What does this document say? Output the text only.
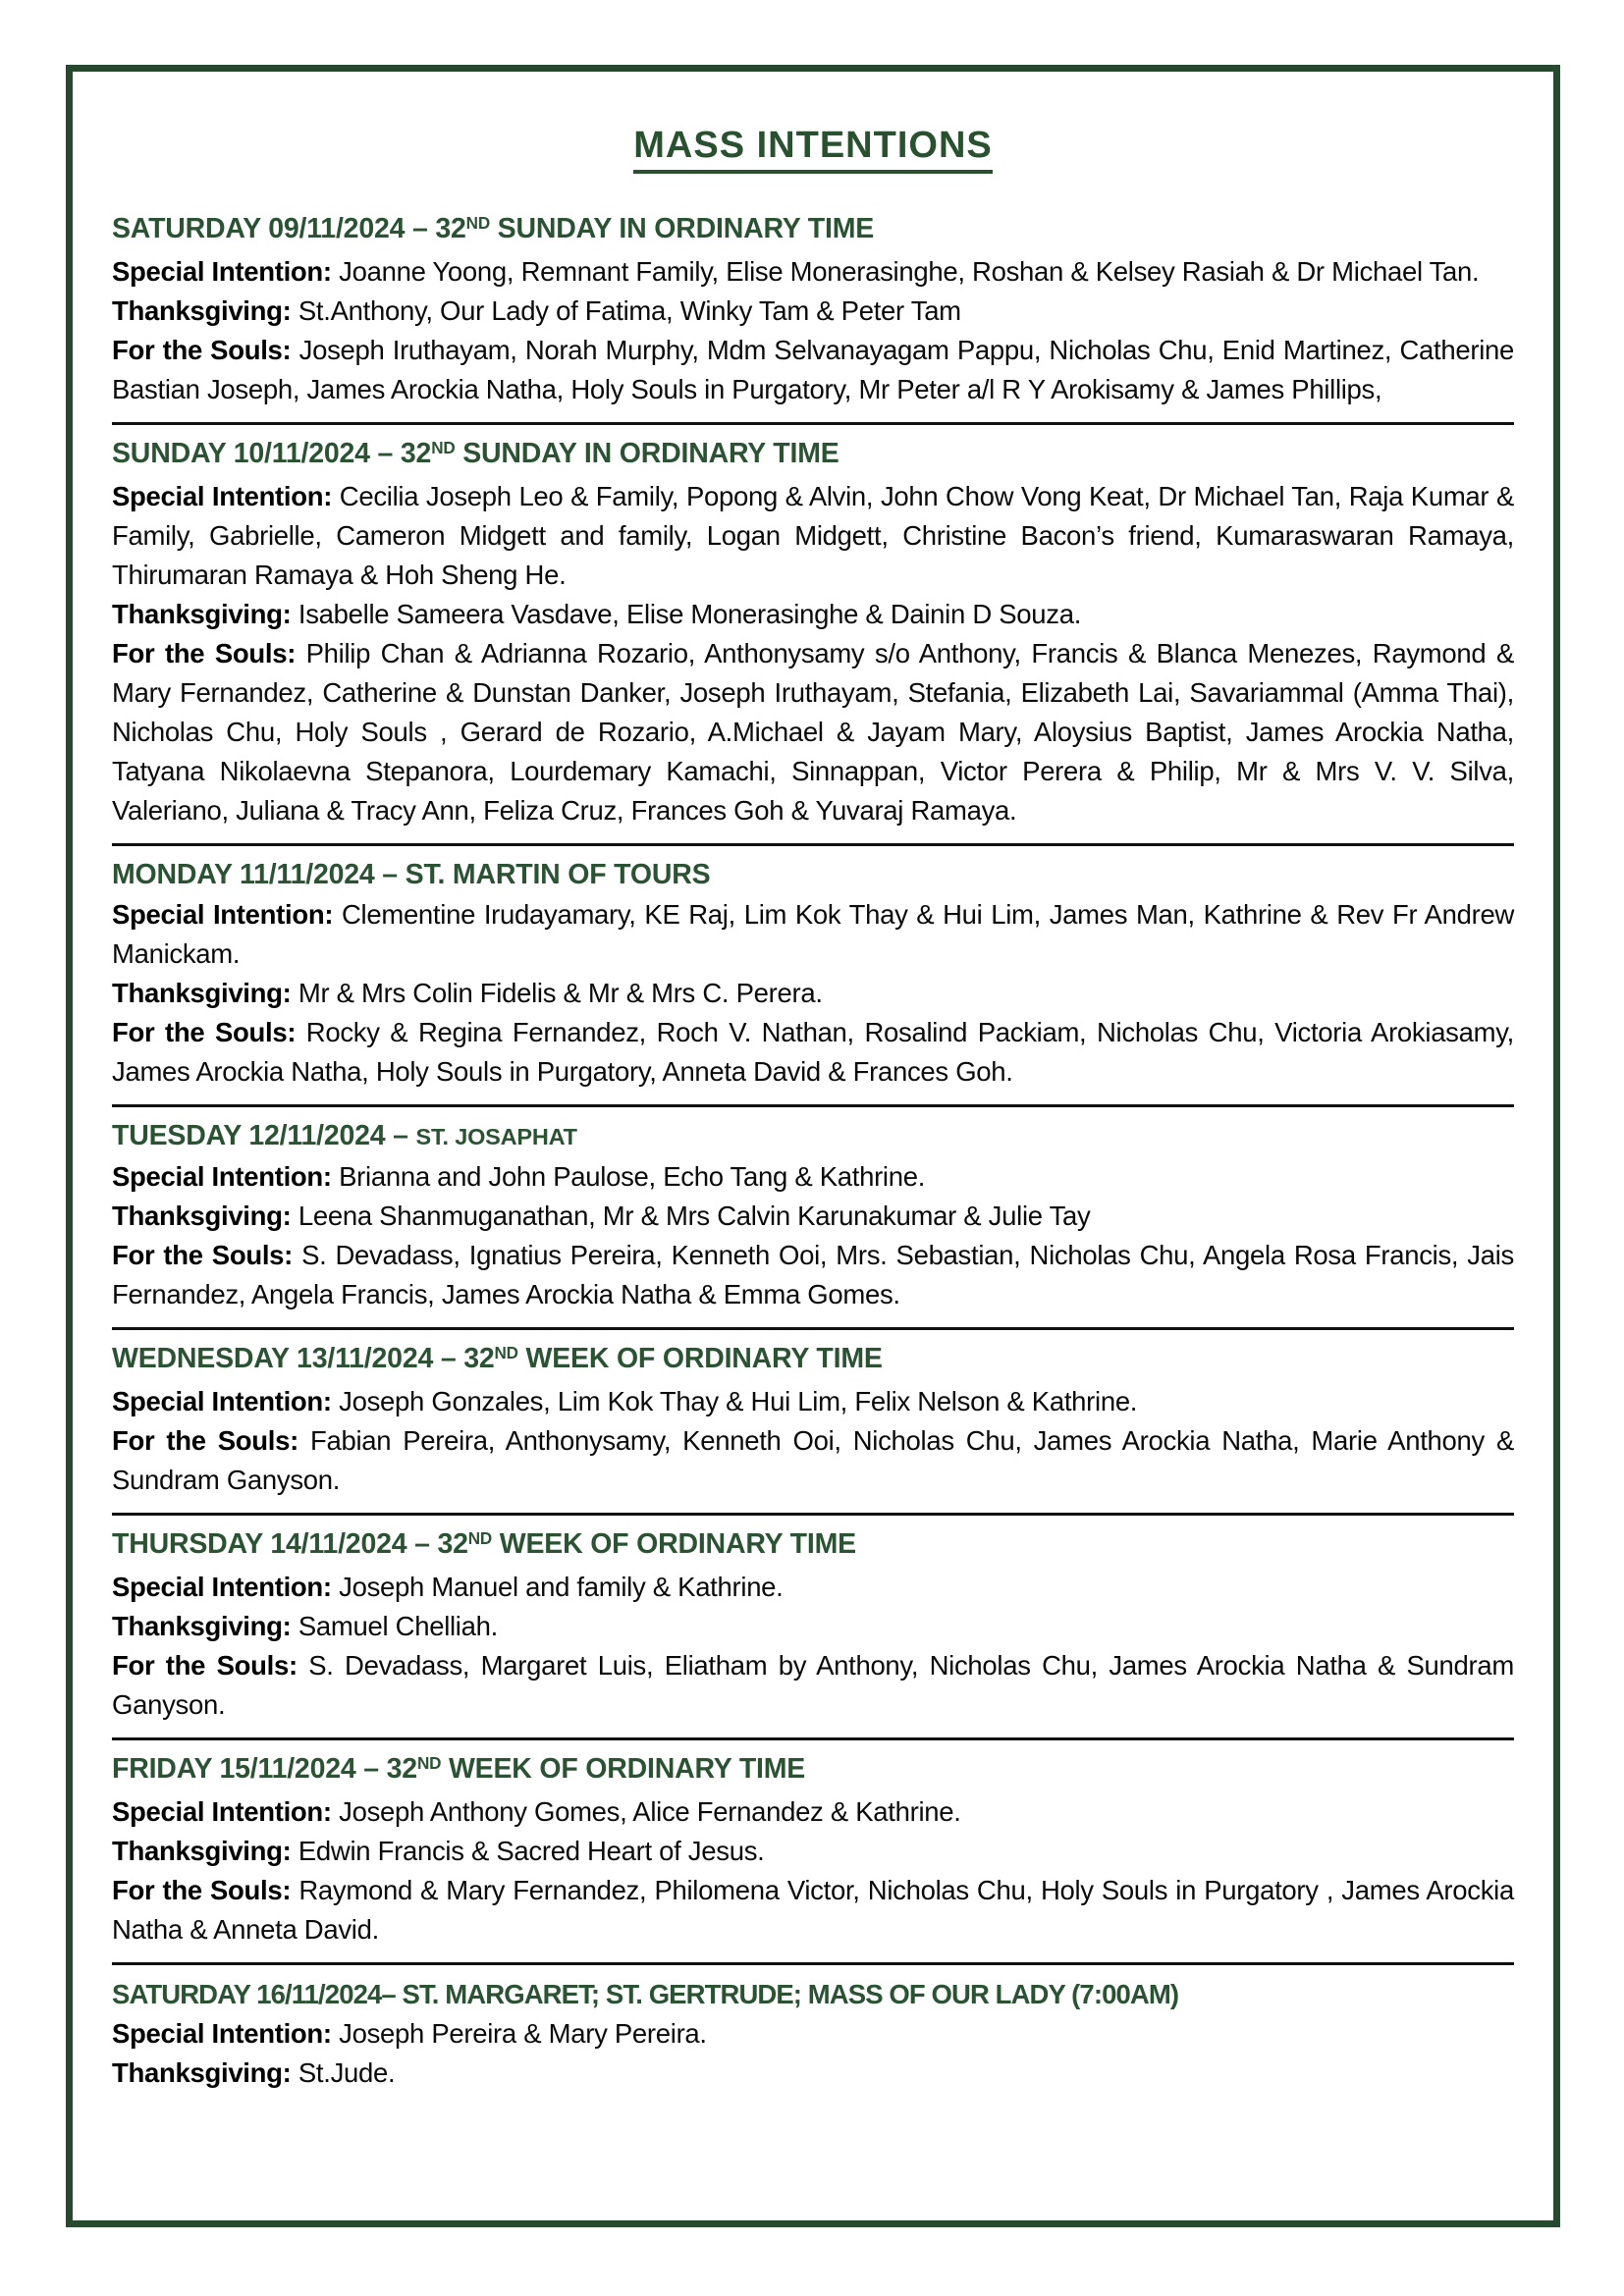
MASS INTENTIONS
SATURDAY 09/11/2024 – 32ND SUNDAY IN ORDINARY TIME

Special Intention: Joanne Yoong, Remnant Family, Elise Monerasinghe, Roshan & Kelsey Rasiah & Dr Michael Tan.

Thanksgiving: St.Anthony, Our Lady of Fatima, Winky Tam & Peter Tam

For the Souls: Joseph Iruthayam, Norah Murphy, Mdm Selvanayagam Pappu, Nicholas Chu, Enid Martinez, Catherine Bastian Joseph, James Arockia Natha, Holy Souls in Purgatory, Mr Peter a/l R Y Arokisamy & James Phillips,

SUNDAY 10/11/2024 – 32ND SUNDAY IN ORDINARY TIME

Special Intention: Cecilia Joseph Leo & Family, Popong & Alvin, John Chow Vong Keat, Dr Michael Tan, Raja Kumar & Family, Gabrielle, Cameron Midgett and family, Logan Midgett, Christine Bacon’s friend, Kumaraswaran Ramaya, Thirumaran Ramaya & Hoh Sheng He.

Thanksgiving: Isabelle Sameera Vasdave, Elise Monerasinghe & Dainin D Souza.

For the Souls: Philip Chan & Adrianna Rozario, Anthonysamy s/o Anthony, Francis & Blanca Menezes, Raymond & Mary Fernandez, Catherine & Dunstan Danker, Joseph Iruthayam, Stefania, Elizabeth Lai, Savariammal (Amma Thai), Nicholas Chu, Holy Souls , Gerard de Rozario, A.Michael & Jayam Mary, Aloysius Baptist, James Arockia Natha, Tatyana Nikolaevna Stepanora, Lourdemary Kamachi, Sinnappan, Victor Perera & Philip, Mr & Mrs V. V. Silva, Valeriano, Juliana & Tracy Ann, Feliza Cruz, Frances Goh & Yuvaraj Ramaya.

MONDAY 11/11/2024 – ST. MARTIN OF TOURS

Special Intention: Clementine Irudayamary, KE Raj, Lim Kok Thay & Hui Lim, James Man, Kathrine & Rev Fr Andrew Manickam.

Thanksgiving: Mr & Mrs Colin Fidelis & Mr & Mrs C. Perera.

For the Souls: Rocky & Regina Fernandez, Roch V. Nathan, Rosalind Packiam, Nicholas Chu, Victoria Arokiasamy, James Arockia Natha, Holy Souls in Purgatory, Anneta David & Frances Goh.

TUESDAY 12/11/2024 – ST. JOSAPHAT

Special Intention: Brianna and John Paulose, Echo Tang & Kathrine.

Thanksgiving: Leena Shanmuganathan, Mr & Mrs Calvin Karunakumar & Julie Tay

For the Souls: S. Devadass, Ignatius Pereira, Kenneth Ooi, Mrs. Sebastian, Nicholas Chu, Angela Rosa Francis, Jais Fernandez, Angela Francis, James Arockia Natha & Emma Gomes.

WEDNESDAY 13/11/2024 – 32ND WEEK OF ORDINARY TIME

Special Intention: Joseph Gonzales, Lim Kok Thay & Hui Lim, Felix Nelson & Kathrine.

For the Souls: Fabian Pereira, Anthonysamy, Kenneth Ooi, Nicholas Chu, James Arockia Natha, Marie Anthony & Sundram Ganyson.

THURSDAY 14/11/2024 – 32ND WEEK OF ORDINARY TIME

Special Intention: Joseph Manuel and family & Kathrine.

Thanksgiving: Samuel Chelliah.

For the Souls: S. Devadass, Margaret Luis, Eliatham by Anthony, Nicholas Chu, James Arockia Natha & Sundram Ganyson.

FRIDAY 15/11/2024 – 32ND WEEK OF ORDINARY TIME

Special Intention: Joseph Anthony Gomes, Alice Fernandez & Kathrine.

Thanksgiving: Edwin Francis & Sacred Heart of Jesus.

For the Souls: Raymond & Mary Fernandez, Philomena Victor, Nicholas Chu, Holy Souls in Purgatory , James Arockia Natha & Anneta David.

SATURDAY 16/11/2024– ST. MARGARET; ST. GERTRUDE; MASS OF OUR LADY (7:00AM)

Special Intention: Joseph Pereira & Mary Pereira.

Thanksgiving: St.Jude.
